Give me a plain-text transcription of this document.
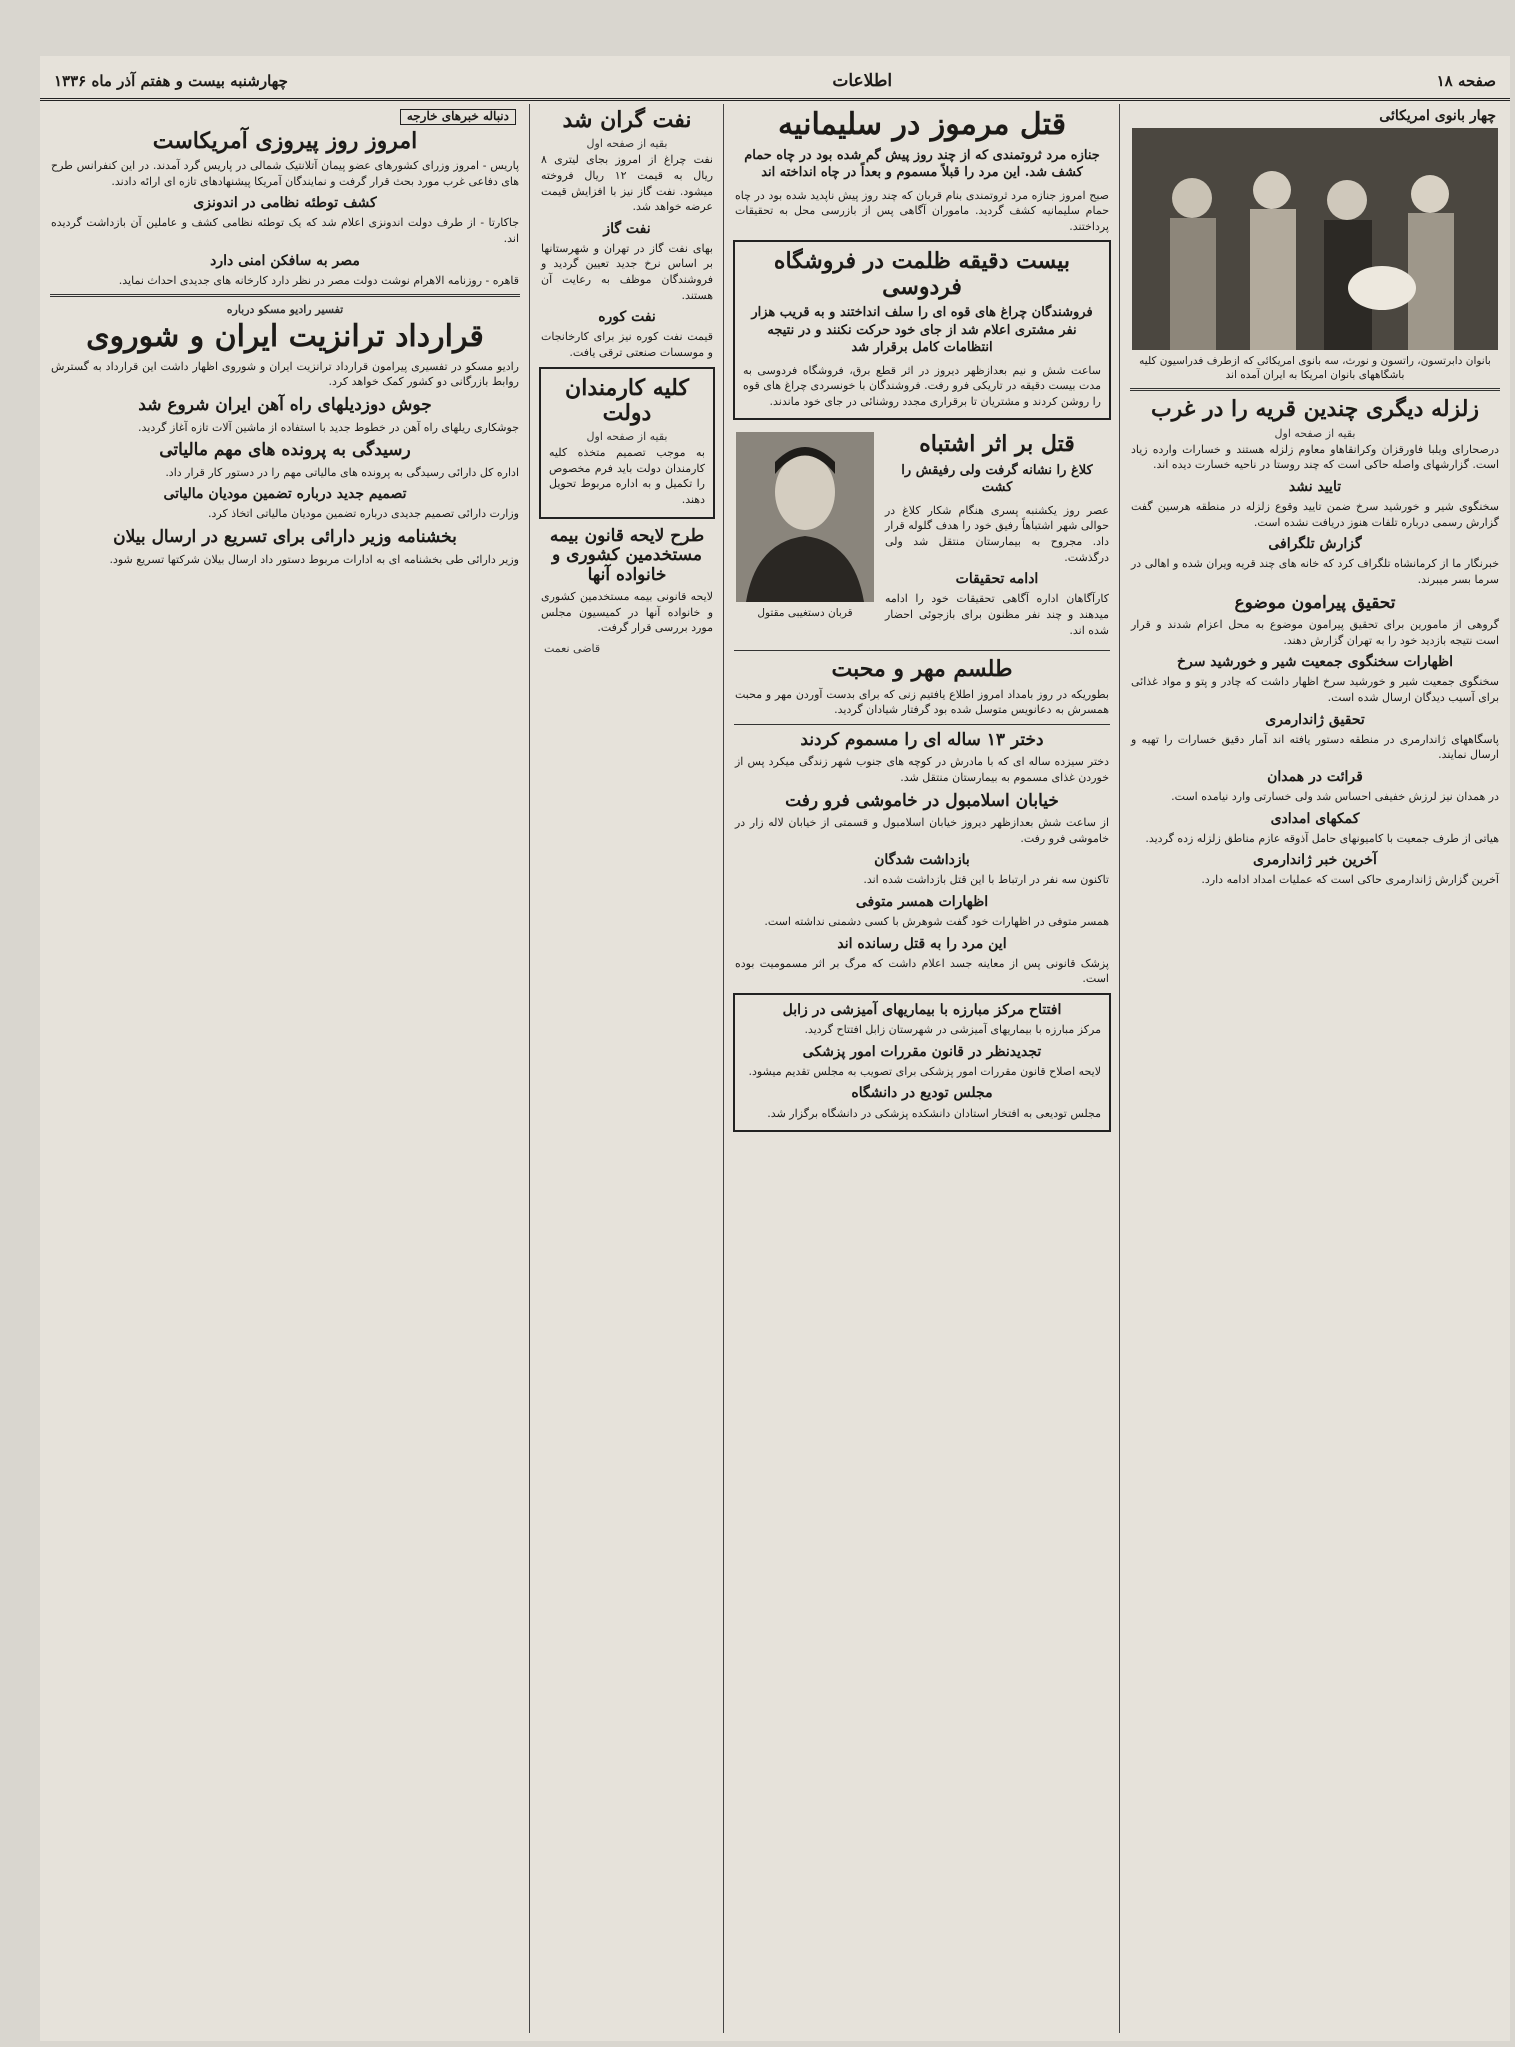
صفحه ۱۸
اطلاعات
چهارشنبه بیست و هفتم آذر ماه ۱۳۳۶
چهار بانوی امریکائی
بانوان دابرتسون، راتسون و نورث، سه بانوی امریکائی که ازطرف فدراسیون کلیه باشگاههای بانوان امریکا به ایران آمده اند
زلزله دیگری چندین قریه را در غرب
بقیه از صفحه اول
درصحارای ویلبا فاورقزان وکرانقاهاو معاوم زلزله هستند و خسارات وارده زیاد است. گزارشهای واصله حاکی است که چند روستا در ناحیه خسارت دیده اند.
تایید نشد
سخنگوی شیر و خورشید سرخ ضمن تایید وقوع زلزله در منطقه هرسین گفت گزارش رسمی درباره تلفات هنوز دریافت نشده است.
گزارش تلگرافی
خبرنگار ما از کرمانشاه تلگراف کرد که خانه های چند قریه ویران شده و اهالی در سرما بسر میبرند.
تحقیق پیرامون موضوع
گروهی از مامورین برای تحقیق پیرامون موضوع به محل اعزام شدند و قرار است نتیجه بازدید خود را به تهران گزارش دهند.
اظهارات سخنگوی جمعیت شیر و خورشید سرخ
سخنگوی جمعیت شیر و خورشید سرخ اظهار داشت که چادر و پتو و مواد غذائی برای آسیب دیدگان ارسال شده است.
تحقیق ژاندارمری
پاسگاههای ژاندارمری در منطقه دستور یافته اند آمار دقیق خسارات را تهیه و ارسال نمایند.
قرائت در همدان
در همدان نیز لرزش خفیفی احساس شد ولی خسارتی وارد نیامده است.
کمکهای امدادی
هیاتی از طرف جمعیت با کامیونهای حامل آذوقه عازم مناطق زلزله زده گردید.
آخرین خبر ژاندارمری
آخرین گزارش ژاندارمری حاکی است که عملیات امداد ادامه دارد.
قتل مرموز در سلیمانیه
جنازه مرد ثروتمندی که از چند روز پیش گم شده بود در چاه حمام کشف شد. این مرد را قبلاً مسموم و بعداً در چاه انداخته اند
صبح امروز جنازه مرد ثروتمندی بنام قربان که چند روز پیش ناپدید شده بود در چاه حمام سلیمانیه کشف گردید. ماموران آگاهی پس از بازرسی محل به تحقیقات پرداختند.
بیست دقیقه ظلمت در فروشگاه فردوسی
فروشندگان چراغ های قوه ای را سلف انداختند و به قریب هزار نفر مشتری اعلام شد از جای خود حرکت نکنند و در نتیجه انتظامات کامل برقرار شد
ساعت شش و نیم بعدازظهر دیروز در اثر قطع برق، فروشگاه فردوسی به مدت بیست دقیقه در تاریکی فرو رفت. فروشندگان با خونسردی چراغ های قوه را روشن کردند و مشتریان تا برقراری مجدد روشنائی در جای خود ماندند.
قتل بر اثر اشتباه
کلاغ را نشانه گرفت ولی رفیقش را کشت
عصر روز یکشنبه پسری هنگام شکار کلاغ در حوالی شهر اشتباهاً رفیق خود را هدف گلوله قرار داد. مجروح به بیمارستان منتقل شد ولی درگذشت.
ادامه تحقیقات
کارآگاهان اداره آگاهی تحقیقات خود را ادامه میدهند و چند نفر مظنون برای بازجوئی احضار شده اند.
قربان دستغیبی مقتول
طلسم مهر و محبت
بطوریکه در روز بامداد امروز اطلاع یافتیم زنی که برای بدست آوردن مهر و محبت همسرش به دعانویس متوسل شده بود گرفتار شیادان گردید.
دختر ۱۳ ساله ای را مسموم کردند
دختر سیزده ساله ای که با مادرش در کوچه های جنوب شهر زندگی میکرد پس از خوردن غذای مسموم به بیمارستان منتقل شد.
خیابان اسلامبول در خاموشی فرو رفت
از ساعت شش بعدازظهر دیروز خیابان اسلامبول و قسمتی از خیابان لاله زار در خاموشی فرو رفت.
بازداشت شدگان
تاکنون سه نفر در ارتباط با این قتل بازداشت شده اند.
اظهارات همسر متوفی
همسر متوفی در اظهارات خود گفت شوهرش با کسی دشمنی نداشته است.
این مرد را به قتل رسانده اند
پزشک قانونی پس از معاینه جسد اعلام داشت که مرگ بر اثر مسمومیت بوده است.
افتتاح مرکز مبارزه با بیماریهای آمیزشی در زابل
مرکز مبارزه با بیماریهای آمیزشی در شهرستان زابل افتتاح گردید.
تجدیدنظر در قانون مقررات امور پزشکی
لایحه اصلاح قانون مقررات امور پزشکی برای تصویب به مجلس تقدیم میشود.
مجلس تودیع در دانشگاه
مجلس تودیعی به افتخار استادان دانشکده پزشکی در دانشگاه برگزار شد.
نفت گران شد
بقیه از صفحه اول
نفت چراغ از امروز بجای لیتری ۸ ریال به قیمت ۱۲ ریال فروخته میشود. نفت گاز نیز با افزایش قیمت عرضه خواهد شد.
نفت گاز
بهای نفت گاز در تهران و شهرستانها بر اساس نرخ جدید تعیین گردید و فروشندگان موظف به رعایت آن هستند.
نفت کوره
قیمت نفت کوره نیز برای کارخانجات و موسسات صنعتی ترقی یافت.
کلیه کارمندان دولت
بقیه از صفحه اول
به موجب تصمیم متخذه کلیه کارمندان دولت باید فرم مخصوص را تکمیل و به اداره مربوط تحویل دهند.
طرح لایحه قانون بیمه مستخدمین کشوری و خانواده آنها
لایحه قانونی بیمه مستخدمین کشوری و خانواده آنها در کمیسیون مجلس مورد بررسی قرار گرفت.
قاضی نعمت
دنباله خبرهای خارجه
امروز روز پیروزی آمریکاست
پاریس - امروز وزرای کشورهای عضو پیمان آتلانتیک شمالی در پاریس گرد آمدند. در این کنفرانس طرح های دفاعی غرب مورد بحث قرار گرفت و نمایندگان آمریکا پیشنهادهای تازه ای ارائه دادند.
کشف توطئه نظامی در اندونزی
جاکارتا - از طرف دولت اندونزی اعلام شد که یک توطئه نظامی کشف و عاملین آن بازداشت گردیده اند.
مصر به سافکن امنی دارد
قاهره - روزنامه الاهرام نوشت دولت مصر در نظر دارد کارخانه های جدیدی احداث نماید.
تفسیر رادیو مسکو درباره
قرارداد ترانزیت ایران و شوروی
رادیو مسکو در تفسیری پیرامون قرارداد ترانزیت ایران و شوروی اظهار داشت این قرارداد به گسترش روابط بازرگانی دو کشور کمک خواهد کرد.
جوش دوزدیلهای راه آهن ایران شروع شد
جوشکاری ریلهای راه آهن در خطوط جدید با استفاده از ماشین آلات تازه آغاز گردید.
رسیدگی به پرونده های مهم مالیاتی
اداره کل دارائی رسیدگی به پرونده های مالیاتی مهم را در دستور کار قرار داد.
تصمیم جدید درباره تضمین مودیان مالیاتی
وزارت دارائی تصمیم جدیدی درباره تضمین مودیان مالیاتی اتخاذ کرد.
بخشنامه وزیر دارائی برای تسریع در ارسال بیلان
وزیر دارائی طی بخشنامه ای به ادارات مربوط دستور داد ارسال بیلان شرکتها تسریع شود.
